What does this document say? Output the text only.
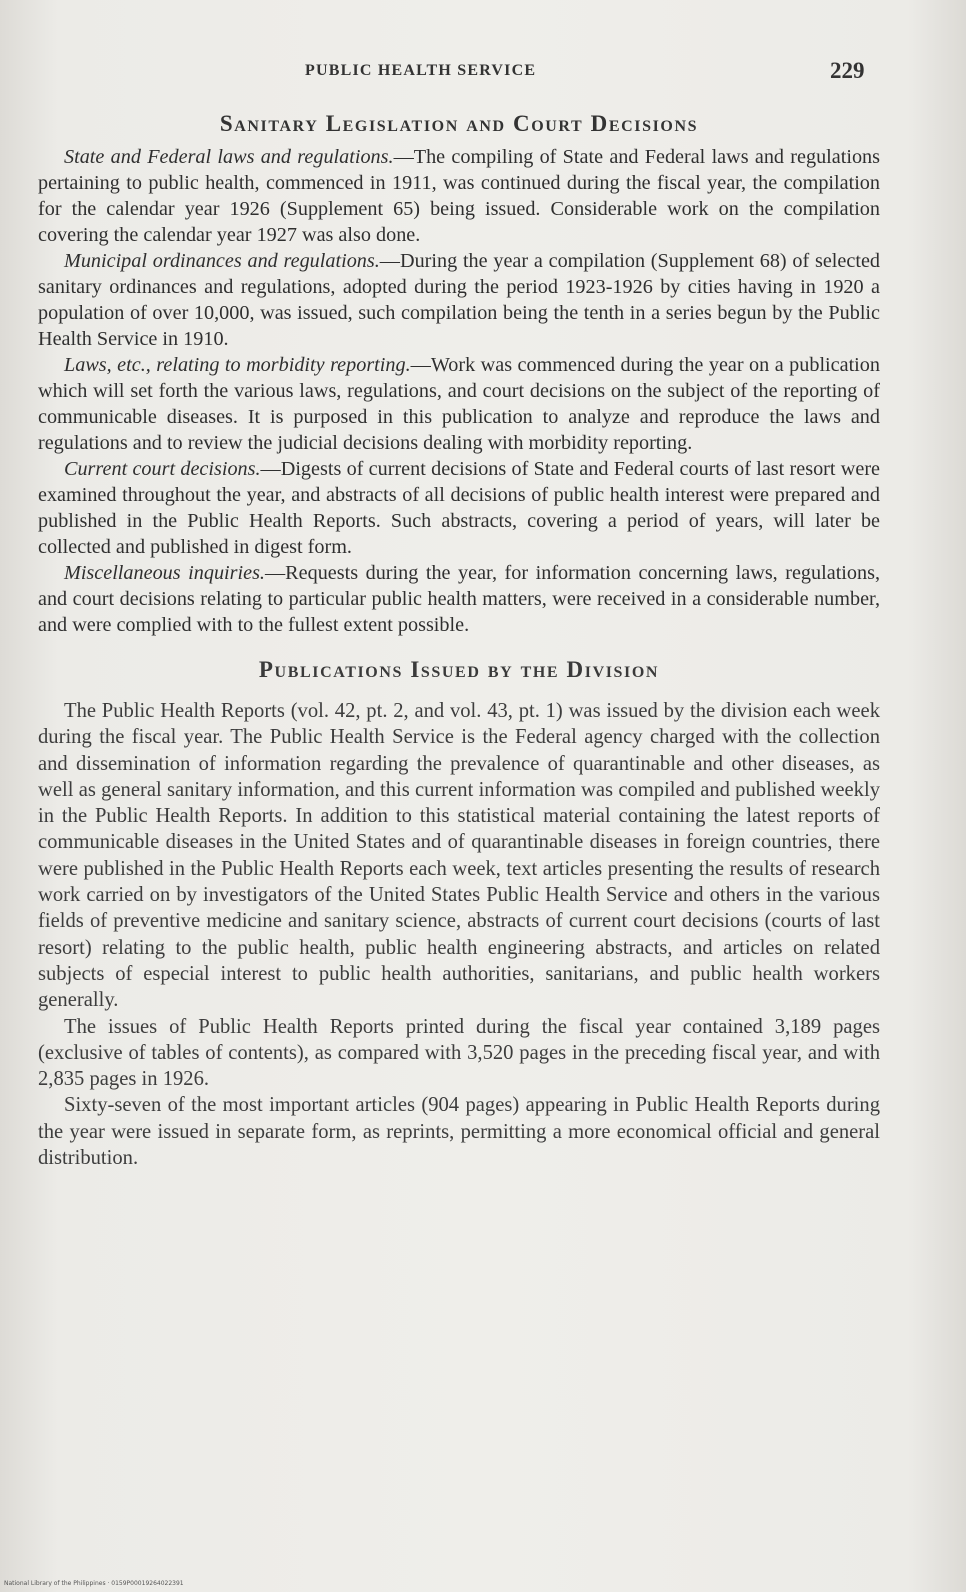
PUBLIC HEALTH SERVICE	229
Sanitary Legislation and Court Decisions

State and Federal laws and regulations.—The compiling of State and Federal laws and regulations pertaining to public health, commenced in 1911, was continued during the fiscal year, the compilation for the calendar year 1926 (Supplement 65) being issued. Considerable work on the compilation covering the calendar year 1927 was also done.

Municipal ordinances and regulations.—During the year a compilation (Supplement 68) of selected sanitary ordinances and regulations, adopted during the period 1923-1926 by cities having in 1920 a population of over 10,000, was issued, such compilation being the tenth in a series begun by the Public Health Service in 1910.

Laws, etc., relating to morbidity reporting.—Work was commenced during the year on a publication which will set forth the various laws, regulations, and court decisions on the subject of the reporting of communicable diseases. It is purposed in this publication to analyze and reproduce the laws and regulations and to review the judicial decisions dealing with morbidity reporting.

Current court decisions.—Digests of current decisions of State and Federal courts of last resort were examined throughout the year, and abstracts of all decisions of public health interest were prepared and published in the Public Health Reports. Such abstracts, covering a period of years, will later be collected and published in digest form.

Miscellaneous inquiries.—Requests during the year, for information concerning laws, regulations, and court decisions relating to particular public health matters, were received in a considerable number, and were complied with to the fullest extent possible.

Publications Issued by the Division

The Public Health Reports (vol. 42, pt. 2, and vol. 43, pt. 1) was issued by the division each week during the fiscal year. The Public Health Service is the Federal agency charged with the collection and dissemination of information regarding the prevalence of quarantinable and other diseases, as well as general sanitary information, and this current information was compiled and published weekly in the Public Health Reports. In addition to this statistical material containing the latest reports of communicable diseases in the United States and of quarantinable diseases in foreign countries, there were published in the Public Health Reports each week, text articles presenting the results of research work carried on by investigators of the United States Public Health Service and others in the various fields of preventive medicine and sanitary science, abstracts of current court decisions (courts of last resort) relating to the public health, public health engineering abstracts, and articles on related subjects of especial interest to public health authorities, sanitarians, and public health workers generally.

The issues of Public Health Reports printed during the fiscal year contained 3,189 pages (exclusive of tables of contents), as compared with 3,520 pages in the preceding fiscal year, and with 2,835 pages in 1926.

Sixty-seven of the most important articles (904 pages) appearing in Public Health Reports during the year were issued in separate form, as reprints, permitting a more economical official and general distribution.

National Library of the Philippines · 0159P00019264022391
